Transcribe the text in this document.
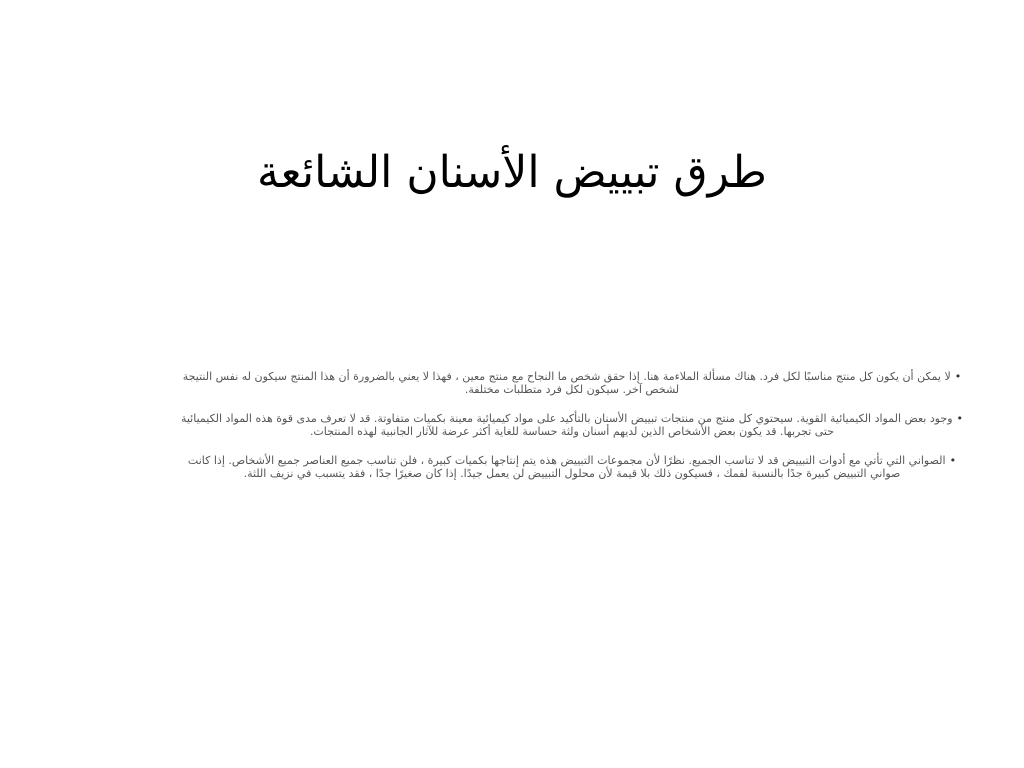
طرق تبييض الأسنان الشائعة
•لا يمكن أن يكون كل منتج مناسبًا لكل فرد. هناك مسألة الملاءمة هنا. إذا حقق شخص ما النجاح مع منتج معين ، فهذا لا يعني بالضرورة أن هذا المنتج سيكون له نفس النتيجة لشخص آخر. سيكون لكل فرد متطلبات مختلفة.
•وجود بعض المواد الكيميائية القوية. سيحتوي كل منتج من منتجات تبييض الأسنان بالتأكيد على مواد كيميائية معينة بكميات متفاوتة. قد لا تعرف مدى قوة هذه المواد الكيميائية حتى تجربها. قد يكون بعض الأشخاص الذين لديهم أسنان ولثة حساسة للغاية أكثر عرضة للآثار الجانبية لهذه المنتجات.
•الصواني التي تأتي مع أدوات التبييض قد لا تناسب الجميع. نظرًا لأن مجموعات التبييض هذه يتم إنتاجها بكميات كبيرة ، فلن تناسب جميع العناصر جميع الأشخاص. إذا كانت صواني التبييض كبيرة جدًا بالنسبة لفمك ، فسيكون ذلك بلا قيمة لأن محلول التبييض لن يعمل جيدًا. إذا كان صغيرًا جدًا ، فقد يتسبب في نزيف اللثة.
